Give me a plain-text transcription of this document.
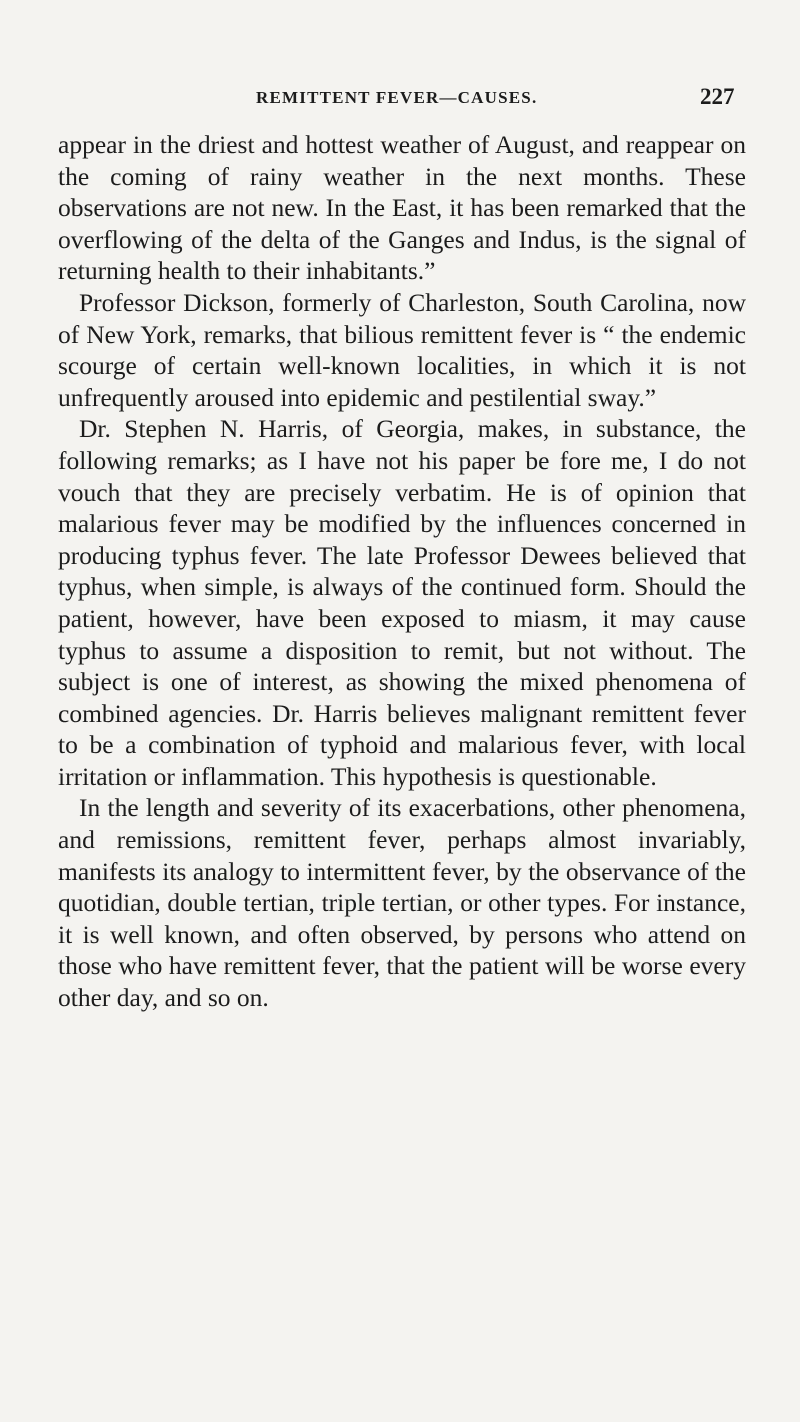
REMITTENT FEVER—CAUSES.	227

appear in the driest and hottest weather of August, and reappear on the coming of rainy weather in the next months. These observations are not new. In the East, it has been remarked that the overflowing of the delta of the Ganges and Indus, is the signal of returning health to their inhabitants.”

Professor Dickson, formerly of Charleston, South Carolina, now of New York, remarks, that bilious remittent fever is “ the endemic scourge of certain well-known localities, in which it is not unfrequently aroused into epidemic and pestilential sway.”

Dr. Stephen N. Harris, of Georgia, makes, in substance, the following remarks; as I have not his paper be fore me, I do not vouch that they are precisely verbatim. He is of opinion that malarious fever may be modified by the influences concerned in producing typhus fever. The late Professor Dewees believed that typhus, when simple, is always of the continued form. Should the patient, however, have been exposed to miasm, it may cause typhus to assume a disposition to remit, but not without. The subject is one of interest, as showing the mixed phenomena of combined agencies. Dr. Harris believes malignant remittent fever to be a combination of typhoid and malarious fever, with local irritation or inflammation. This hypothesis is questionable.

In the length and severity of its exacerbations, other phenomena, and remissions, remittent fever, perhaps almost invariably, manifests its analogy to intermittent fever, by the observance of the quotidian, double tertian, triple tertian, or other types. For instance, it is well known, and often observed, by persons who attend on those who have remittent fever, that the patient will be worse every other day, and so on.
